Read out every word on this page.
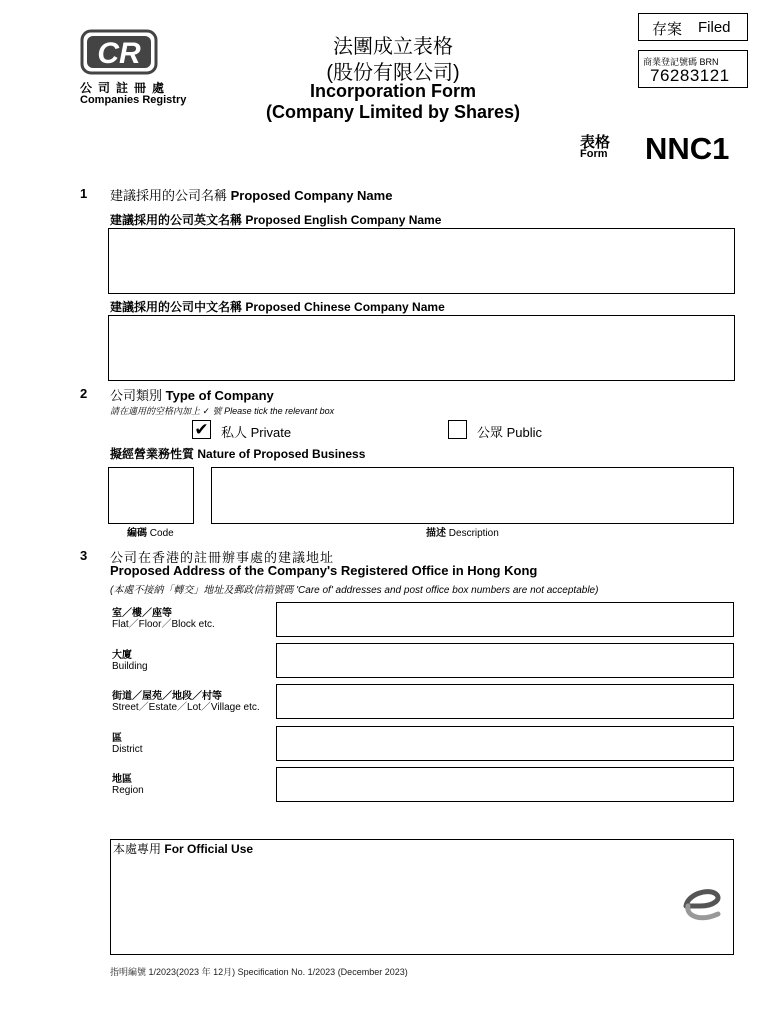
CR
公司註冊處
Companies Registry
法團成立表格
(股份有限公司)
Incorporation Form
(Company Limited by Shares)
存案 Filed
商業登記號碼 BRN
76283121
表格
Form NNC1
1 建議採用的公司名稱 Proposed Company Name
建議採用的公司英文名稱 Proposed English Company Name
建議採用的公司中文名稱 Proposed Chinese Company Name
2 公司類別 Type of Company
請在適用的空格內加上 ✓ 號 Please tick the relevant box
✔ 私人 Private	公眾 Public
擬經營業務性質 Nature of Proposed Business
編碼 Code	描述 Description
3 公司在香港的註冊辦事處的建議地址
Proposed Address of the Company's Registered Office in Hong Kong
(本處不接納「轉交」地址及郵政信箱號碼 'Care of' addresses and post office box numbers are not acceptable)
室／樓／座等
Flat／Floor／Block etc.
大廈
Building
街道／屋苑／地段／村等
Street／Estate／Lot／Village etc.
區
District
地區
Region
本處專用 For Official Use
指明編號 1/2023(2023 年 12月) Specification No. 1/2023 (December 2023)
